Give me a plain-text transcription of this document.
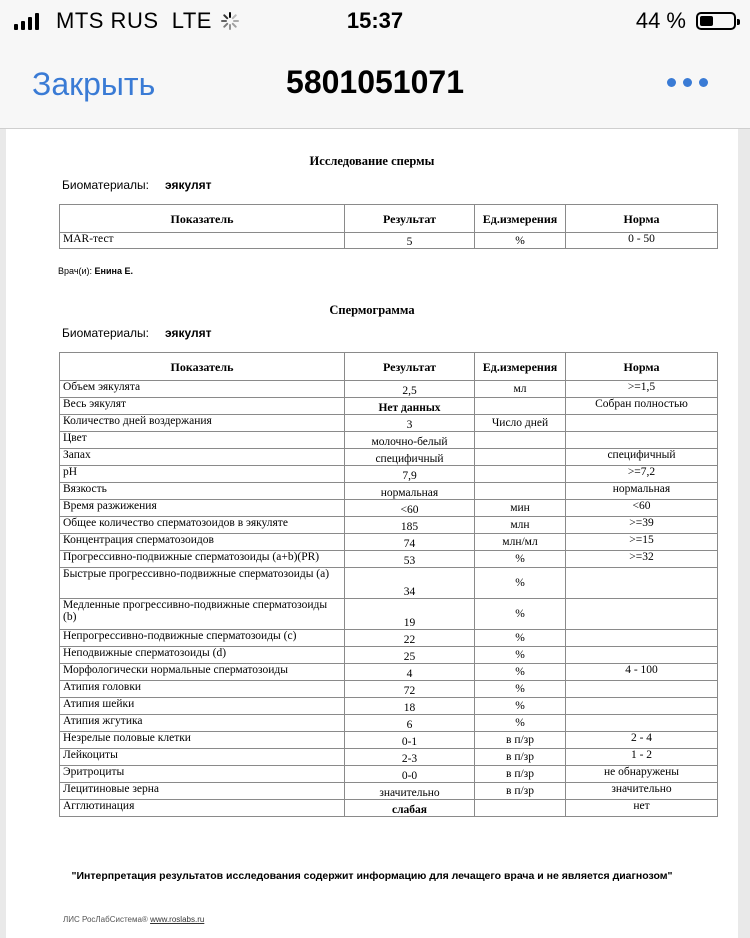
MTS RUS LTE	15:37	44 %
Закрыть	5801051071
Исследование спермы
Биоматериалы: эякулят
Показатель	Результат	Ед.измерения	Норма
MAR-тест	5	%	0 - 50
Врач(и): Енина Е.
Спермограмма
Биоматериалы: эякулят
Показатель	Результат	Ед.измерения	Норма
Объем эякулята	2,5	мл	>=1,5
Весь эякулят	Нет данных		Собран полностью
Количество дней воздержания	3	Число дней	
Цвет	молочно-белый		
Запах	специфичный		специфичный
pH	7,9		>=7,2
Вязкость	нормальная		нормальная
Время разжижения	<60	мин	<60
Общее количество сперматозоидов в эякуляте	185	млн	>=39
Концентрация сперматозоидов	74	млн/мл	>=15
Прогрессивно-подвижные сперматозоиды (a+b)(PR)	53	%	>=32
Быстрые прогрессивно-подвижные сперматозоиды (a)	34	%	
Медленные прогрессивно-подвижные сперматозоиды (b)	19	%	
Непрогрессивно-подвижные сперматозоиды (c)	22	%	
Неподвижные сперматозоиды (d)	25	%	
Морфологически нормальные сперматозоиды	4	%	4 - 100
Атипия головки	72	%	
Атипия шейки	18	%	
Атипия жгутика	6	%	
Незрелые половые клетки	0-1	в п/зр	2 - 4
Лейкоциты	2-3	в п/зр	1 - 2
Эритроциты	0-0	в п/зр	не обнаружены
Лецитиновые зерна	значительно	в п/зр	значительно
Агглютинация	слабая		нет
"Интерпретация результатов исследования содержит информацию для лечащего врача и не является диагнозом"
ЛИС РосЛабСистема® www.roslabs.ru
